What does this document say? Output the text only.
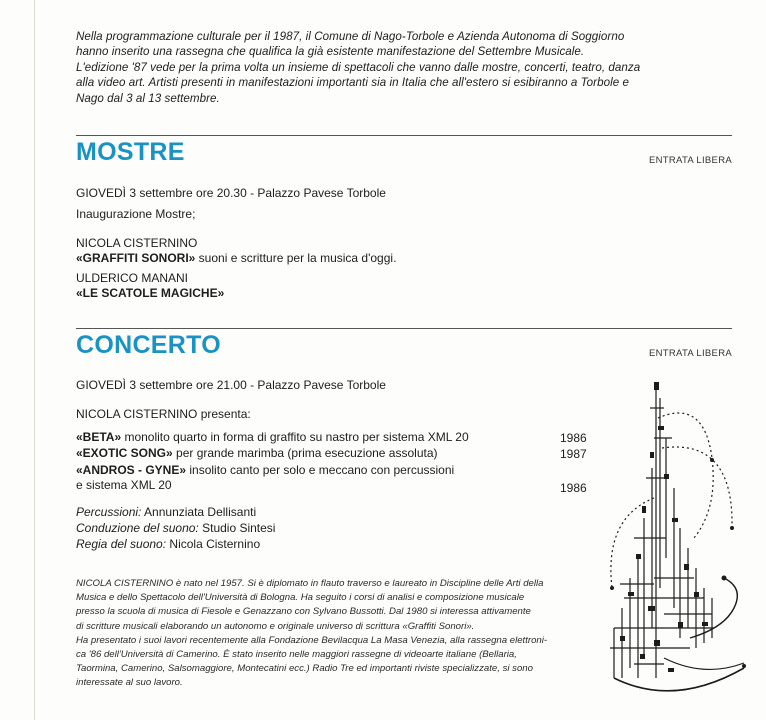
Nella programmazione culturale per il 1987, il Comune di Nago-Torbole e Azienda Autonoma di Soggiorno

hanno inserito una rassegna che qualifica la già esistente manifestazione del Settembre Musicale.

L'edizione '87 vede per la prima volta un insieme di spettacoli che vanno dalle mostre, concerti, teatro, danza

alla video art. Artisti presenti in manifestazioni importanti sia in Italia che all'estero si esibiranno a Torbole e

Nago dal 3 al 13 settembre.

MOSTRE	ENTRATA LIBERA
GIOVEDÌ 3 settembre ore 20.30 - Palazzo Pavese Torbole
Inaugurazione Mostre;
NICOLA CISTERNINO
«GRAFFITI SONORI» suoni e scritture per la musica d'oggi.
ULDERICO MANANI
«LE SCATOLE MAGICHE»
CONCERTO	ENTRATA LIBERA
GIOVEDÌ 3 settembre ore 21.00 - Palazzo Pavese Torbole
NICOLA CISTERNINO presenta:
«BETA» monolito quarto in forma di graffito su nastro per sistema XML 20	1986
«EXOTIC SONG» per grande marimba (prima esecuzione assoluta)	1987
«ANDROS - GYNE» insolito canto per solo e meccano con percussioni
e sistema XML 20	1986
Percussioni: Annunziata Dellisanti
Conduzione del suono: Studio Sintesi
Regia del suono: Nicola Cisternino

NICOLA CISTERNINO è nato nel 1957. Si è diplomato in flauto traverso e laureato in Discipline delle Arti della

Musica e dello Spettacolo dell'Università di Bologna. Ha seguito i corsi di analisi e composizione musicale

presso la scuola di musica di Fiesole e Genazzano con Sylvano Bussotti. Dal 1980 si interessa attivamente

di scritture musicali elaborando un autonomo e originale universo di scrittura «Graffiti Sonori».

Ha presentato i suoi lavori recentemente alla Fondazione Bevilacqua La Masa Venezia, alla rassegna elettroni-

ca '86 dell'Università di Camerino. È stato inserito nelle maggiori rassegne di videoarte italiane (Bellaria,

Taormina, Camerino, Salsomaggiore, Montecatini ecc.) Radio Tre ed importanti riviste specializzate, si sono

interessate al suo lavoro.
